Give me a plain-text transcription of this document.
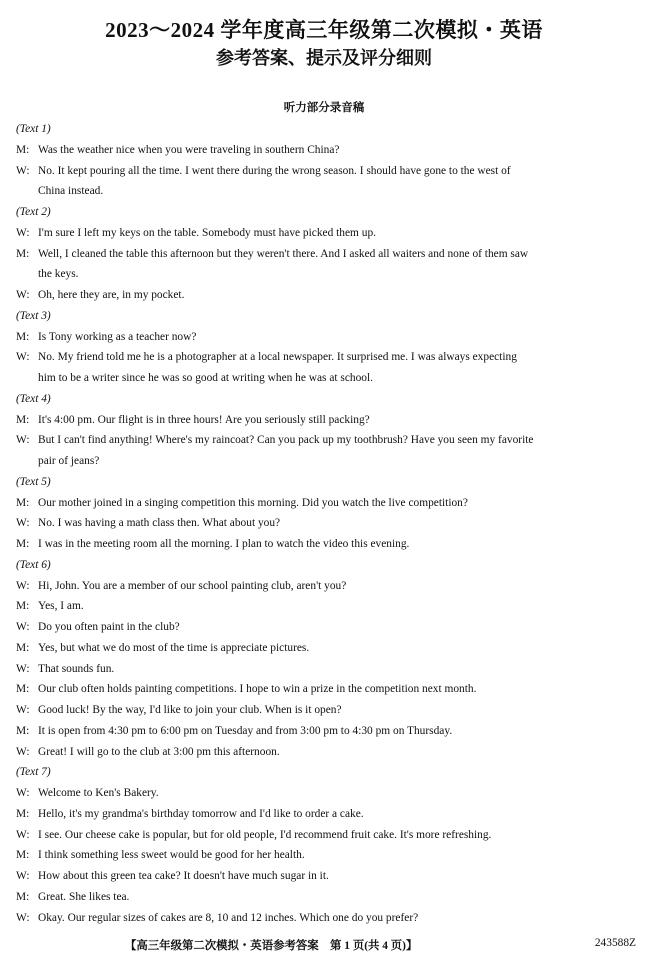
2023～2024 学年度高三年级第二次模拟・英语
参考答案、提示及评分细则
听力部分录音稿
(Text 1)
M: Was the weather nice when you were traveling in southern China?
W: No. It kept pouring all the time. I went there during the wrong season. I should have gone to the west of
China instead.
(Text 2)
W: I'm sure I left my keys on the table. Somebody must have picked them up.
M: Well, I cleaned the table this afternoon but they weren't there. And I asked all waiters and none of them saw
the keys.
W: Oh, here they are, in my pocket.
(Text 3)
M: Is Tony working as a teacher now?
W: No. My friend told me he is a photographer at a local newspaper. It surprised me. I was always expecting
him to be a writer since he was so good at writing when he was at school.
(Text 4)
M: It's 4:00 pm. Our flight is in three hours! Are you seriously still packing?
W: But I can't find anything! Where's my raincoat? Can you pack up my toothbrush? Have you seen my favorite
pair of jeans?
(Text 5)
M: Our mother joined in a singing competition this morning. Did you watch the live competition?
W: No. I was having a math class then. What about you?
M: I was in the meeting room all the morning. I plan to watch the video this evening.
(Text 6)
W: Hi, John. You are a member of our school painting club, aren't you?
M: Yes, I am.
W: Do you often paint in the club?
M: Yes, but what we do most of the time is appreciate pictures.
W: That sounds fun.
M: Our club often holds painting competitions. I hope to win a prize in the competition next month.
W: Good luck! By the way, I'd like to join your club. When is it open?
M: It is open from 4:30 pm to 6:00 pm on Tuesday and from 3:00 pm to 4:30 pm on Thursday.
W: Great! I will go to the club at 3:00 pm this afternoon.
(Text 7)
W: Welcome to Ken's Bakery.
M: Hello, it's my grandma's birthday tomorrow and I'd like to order a cake.
W: I see. Our cheese cake is popular, but for old people, I'd recommend fruit cake. It's more refreshing.
M: I think something less sweet would be good for her health.
W: How about this green tea cake? It doesn't have much sugar in it.
M: Great. She likes tea.
W: Okay. Our regular sizes of cakes are 8, 10 and 12 inches. Which one do you prefer?
【高三年级第二次模拟・英语参考答案　第 1 页(共 4 页)】	243588Z
